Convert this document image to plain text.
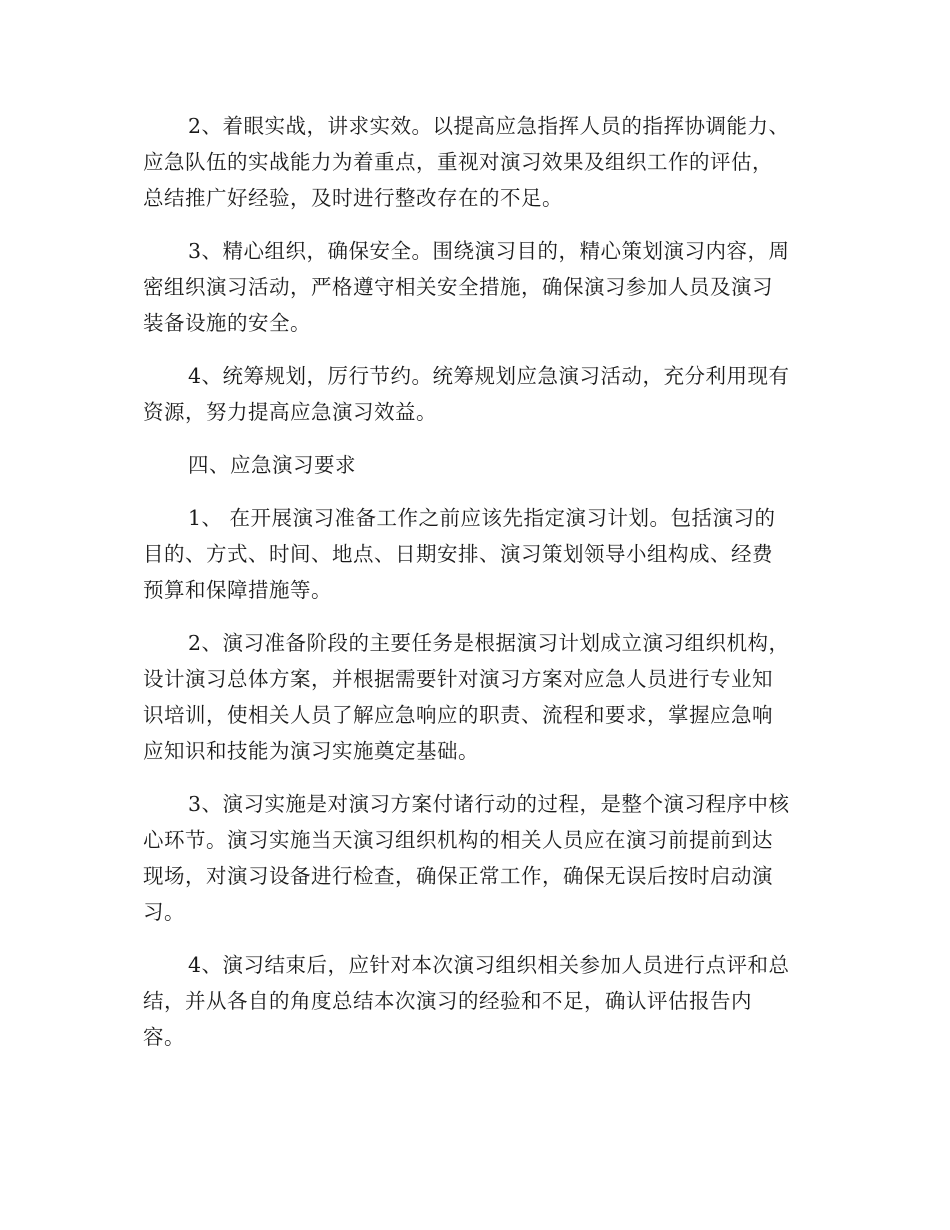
2、着眼实战，讲求实效。以提高应急指挥人员的指挥协调能力、
应急队伍的实战能力为着重点，重视对演习效果及组织工作的评估，
总结推广好经验，及时进行整改存在的不足。

3、精心组织，确保安全。围绕演习目的，精心策划演习内容，周
密组织演习活动，严格遵守相关安全措施，确保演习参加人员及演习
装备设施的安全。

4、统筹规划，厉行节约。统筹规划应急演习活动，充分利用现有
资源，努力提高应急演习效益。

四、应急演习要求

1、 在开展演习准备工作之前应该先指定演习计划。包括演习的
目的、方式、时间、地点、日期安排、演习策划领导小组构成、经费
预算和保障措施等。

2、演习准备阶段的主要任务是根据演习计划成立演习组织机构，
设计演习总体方案，并根据需要针对演习方案对应急人员进行专业知
识培训，使相关人员了解应急响应的职责、流程和要求，掌握应急响
应知识和技能为演习实施奠定基础。

3、演习实施是对演习方案付诸行动的过程，是整个演习程序中核
心环节。演习实施当天演习组织机构的相关人员应在演习前提前到达
现场，对演习设备进行检查，确保正常工作，确保无误后按时启动演
习。

4、演习结束后，应针对本次演习组织相关参加人员进行点评和总
结，并从各自的角度总结本次演习的经验和不足，确认评估报告内
容。
